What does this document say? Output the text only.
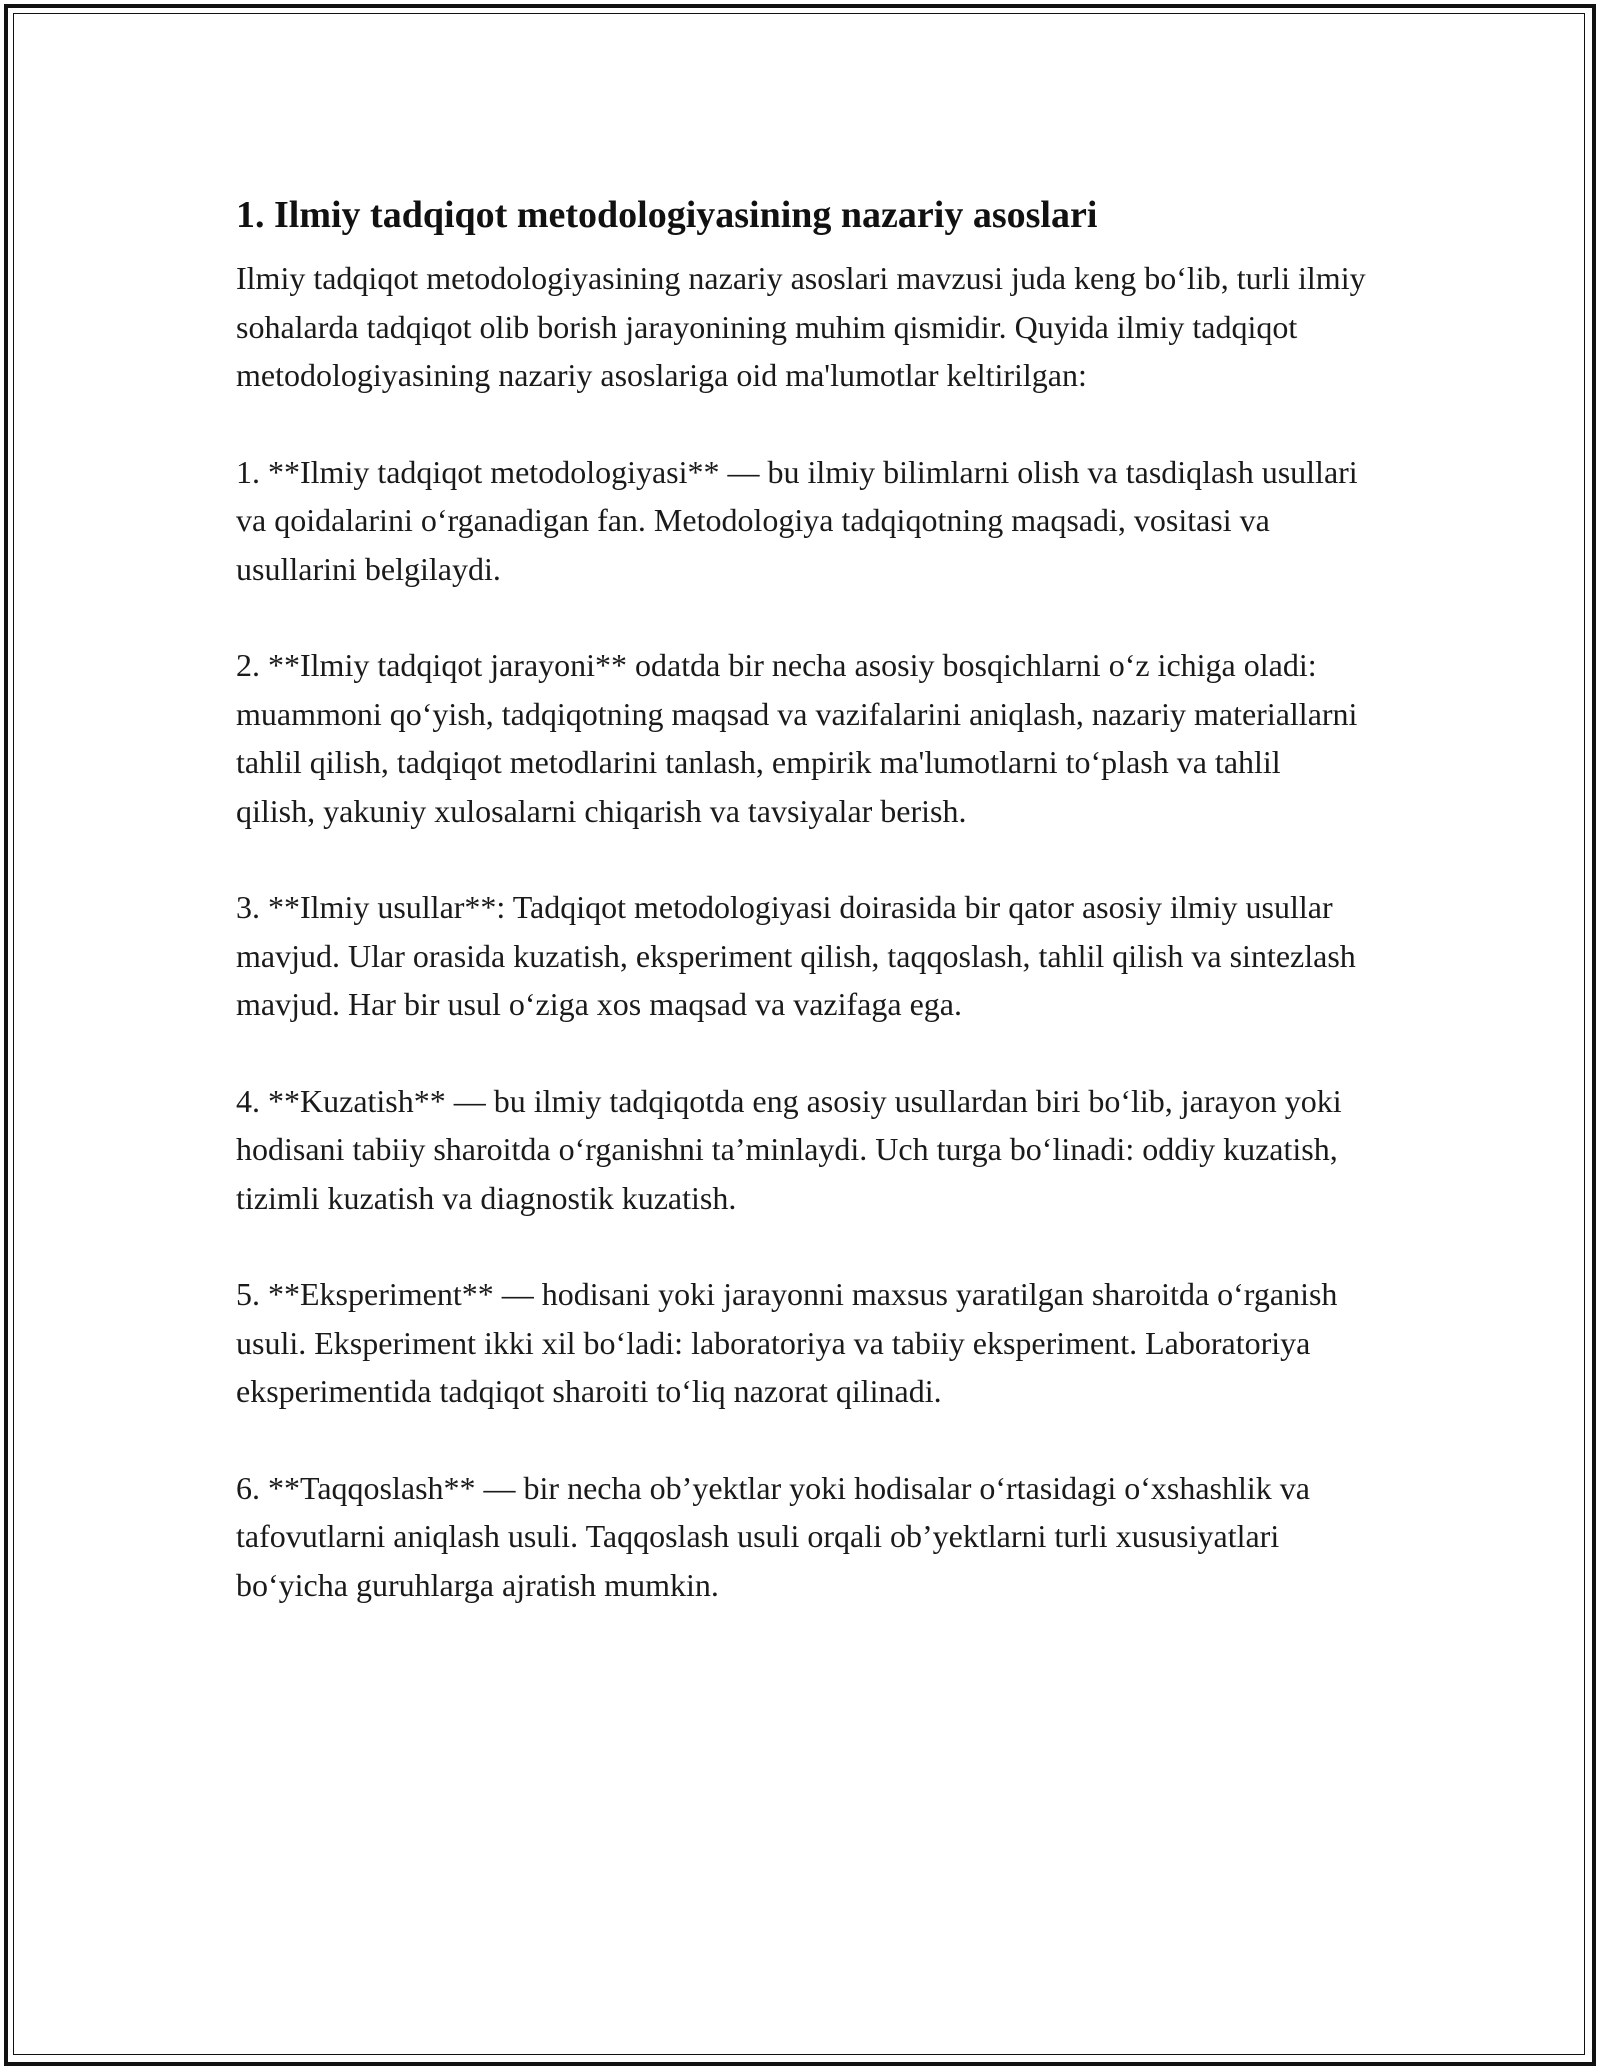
1. Ilmiy tadqiqot metodologiyasining nazariy asoslari

Ilmiy tadqiqot metodologiyasining nazariy asoslari mavzusi juda keng bo‘lib, turli ilmiy sohalarda tadqiqot olib borish jarayonining muhim qismidir. Quyida ilmiy tadqiqot metodologiyasining nazariy asoslariga oid ma'lumotlar keltirilgan:

1. **Ilmiy tadqiqot metodologiyasi** — bu ilmiy bilimlarni olish va tasdiqlash usullari va qoidalarini o‘rganadigan fan. Metodologiya tadqiqotning maqsadi, vositasi va usullarini belgilaydi.

2. **Ilmiy tadqiqot jarayoni** odatda bir necha asosiy bosqichlarni o‘z ichiga oladi: muammoni qo‘yish, tadqiqotning maqsad va vazifalarini aniqlash, nazariy materiallarni tahlil qilish, tadqiqot metodlarini tanlash, empirik ma'lumotlarni to‘plash va tahlil qilish, yakuniy xulosalarni chiqarish va tavsiyalar berish.

3. **Ilmiy usullar**: Tadqiqot metodologiyasi doirasida bir qator asosiy ilmiy usullar mavjud. Ular orasida kuzatish, eksperiment qilish, taqqoslash, tahlil qilish va sintezlash mavjud. Har bir usul o‘ziga xos maqsad va vazifaga ega.

4. **Kuzatish** — bu ilmiy tadqiqotda eng asosiy usullardan biri bo‘lib, jarayon yoki hodisani tabiiy sharoitda o‘rganishni ta’minlaydi. Uch turga bo‘linadi: oddiy kuzatish, tizimli kuzatish va diagnostik kuzatish.

5. **Eksperiment** — hodisani yoki jarayonni maxsus yaratilgan sharoitda o‘rganish usuli. Eksperiment ikki xil bo‘ladi: laboratoriya va tabiiy eksperiment. Laboratoriya eksperimentida tadqiqot sharoiti to‘liq nazorat qilinadi.

6. **Taqqoslash** — bir necha ob’yektlar yoki hodisalar o‘rtasidagi o‘xshashlik va tafovutlarni aniqlash usuli. Taqqoslash usuli orqali ob’yektlarni turli xususiyatlari bo‘yicha guruhlarga ajratish mumkin.
